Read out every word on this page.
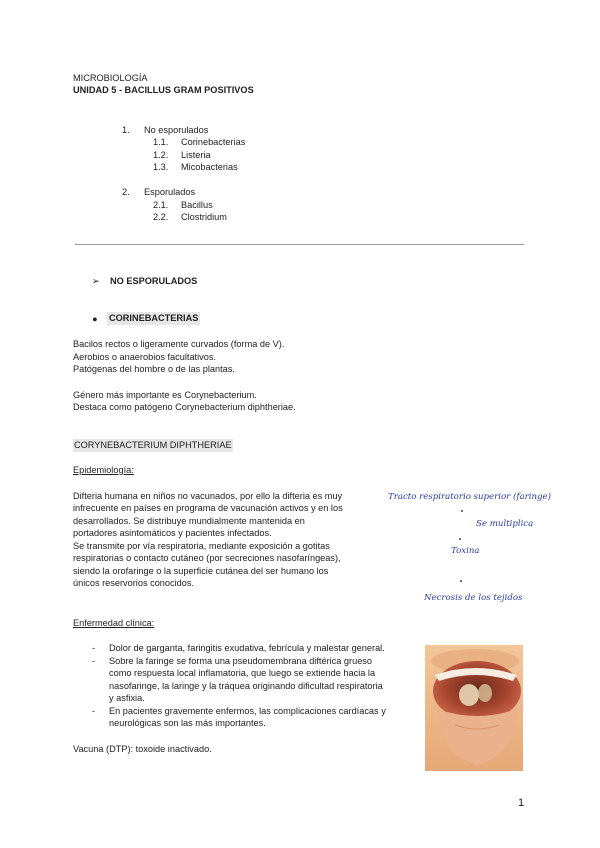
MICROBIOLOGÍA
UNIDAD 5 - BACILLUS GRAM POSITIVOS
1. No esporulados
1.1. Corinebacterias
1.2. Listeria
1.3. Micobacterias
2. Esporulados
2.1. Bacillus
2.2. Clostridium
➢ NO ESPORULADOS
● CORINEBACTERIAS
Bacilos rectos o ligeramente curvados (forma de V).
Aerobios o anaerobios facultativos.
Patógenas del hombre o de las plantas.
Género más importante es Corynebacterium.
Destaca como patógeno Corynebacterium diphtheriae.
CORYNEBACTERIUM DIPHTHERIAE
Epidemiología:
Difteria humana en niños no vacunados, por ello la difteria es muy
infrecuente en países en programa de vacunación activos y en los
desarrollados. Se distribuye mundialmente mantenida en
portadores asintomáticos y pacientes infectados.
Se transmite por vía respiratoria, mediante exposición a gotitas
respiratorias o contacto cutáneo (por secreciones nasofaríngeas),
siendo la orofaringe o la superficie cutánea del ser humano los
únicos reservorios conocidos.
Tracto respiratorio superior (faringe)
Se multiplica
Toxina
Necrosis de los tejidos
Enfermedad clínica:
- Dolor de garganta, faringitis exudativa, febrícula y malestar general.
- Sobre la faringe se forma una pseudomembrana diftérica grueso
como respuesta local inflamatoria, que luego se extiende hacia la
nasofaringe, la laringe y la tráquea originando dificultad respiratoria
y asfixia.
- En pacientes gravemente enfermos, las complicaciones cardíacas y
neurológicas son las más importantes.
Vacuna (DTP): toxoide inactivado.
1
